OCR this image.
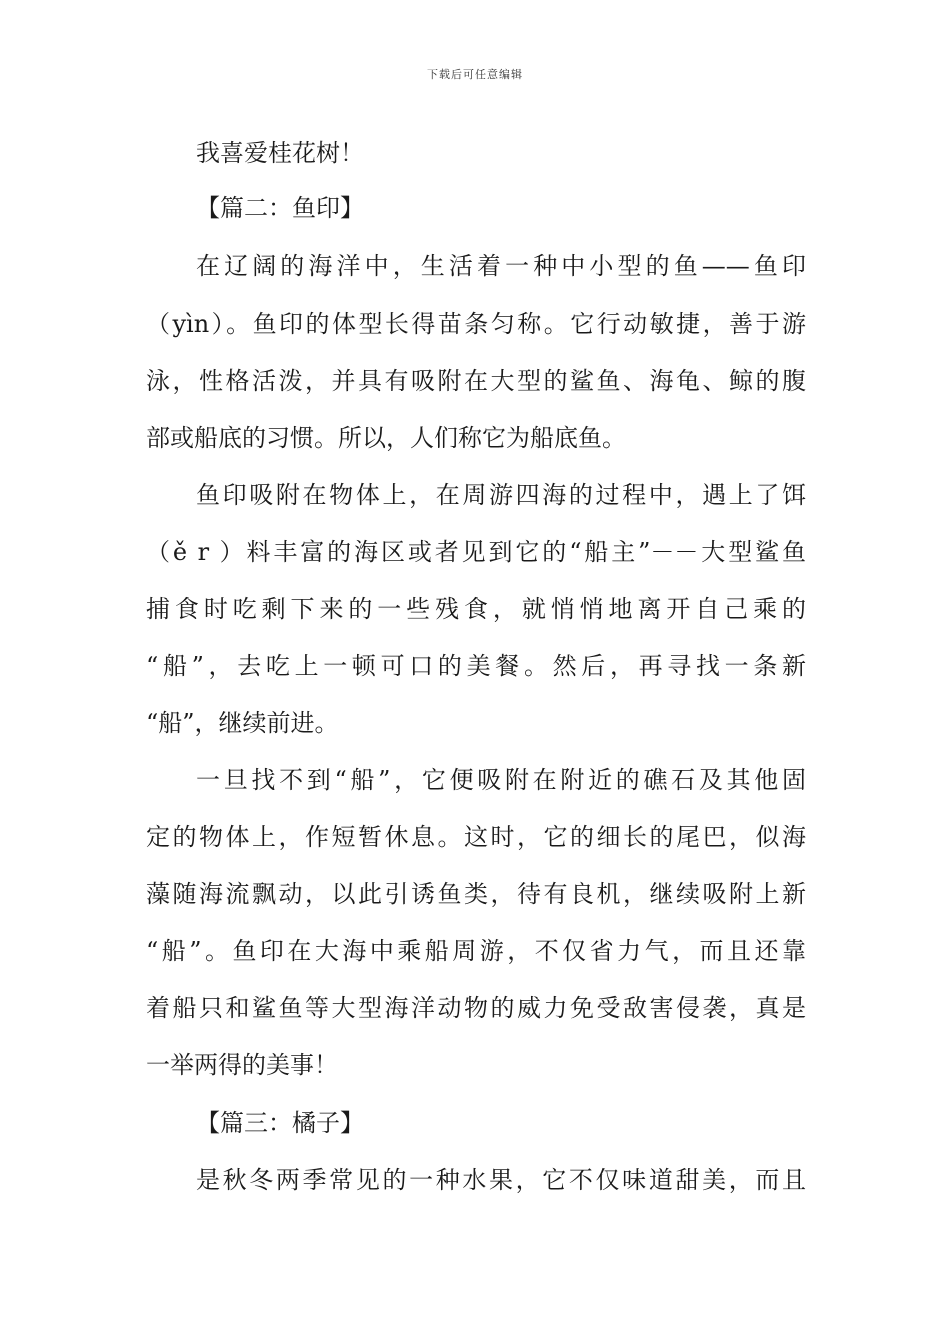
下载后可任意编辑
我喜爱桂花树！
【篇二：鱼印】
在辽阔的海洋中，生活着一种中小型的鱼——鱼印
（yìn）。鱼印的体型长得苗条匀称。它行动敏捷，善于游
泳，性格活泼，并具有吸附在大型的鲨鱼、海龟、鲸的腹
部或船底的习惯。所以，人们称它为船底鱼。
鱼印吸附在物体上，在周游四海的过程中，遇上了饵
（ě r ）料丰富的海区或者见到它的“船主”－－大型鲨鱼
捕食时吃剩下来的一些残食，就悄悄地离开自己乘的
“船”，去吃上一顿可口的美餐。然后，再寻找一条新
“船”，继续前进。
一旦找不到“船”，它便吸附在附近的礁石及其他固
定的物体上，作短暂休息。这时，它的细长的尾巴，似海
藻随海流飘动，以此引诱鱼类，待有良机，继续吸附上新
“船”。鱼印在大海中乘船周游，不仅省力气，而且还靠
着船只和鲨鱼等大型海洋动物的威力免受敌害侵袭，真是
一举两得的美事！
【篇三：橘子】
是秋冬两季常见的一种水果，它不仅味道甜美，而且
